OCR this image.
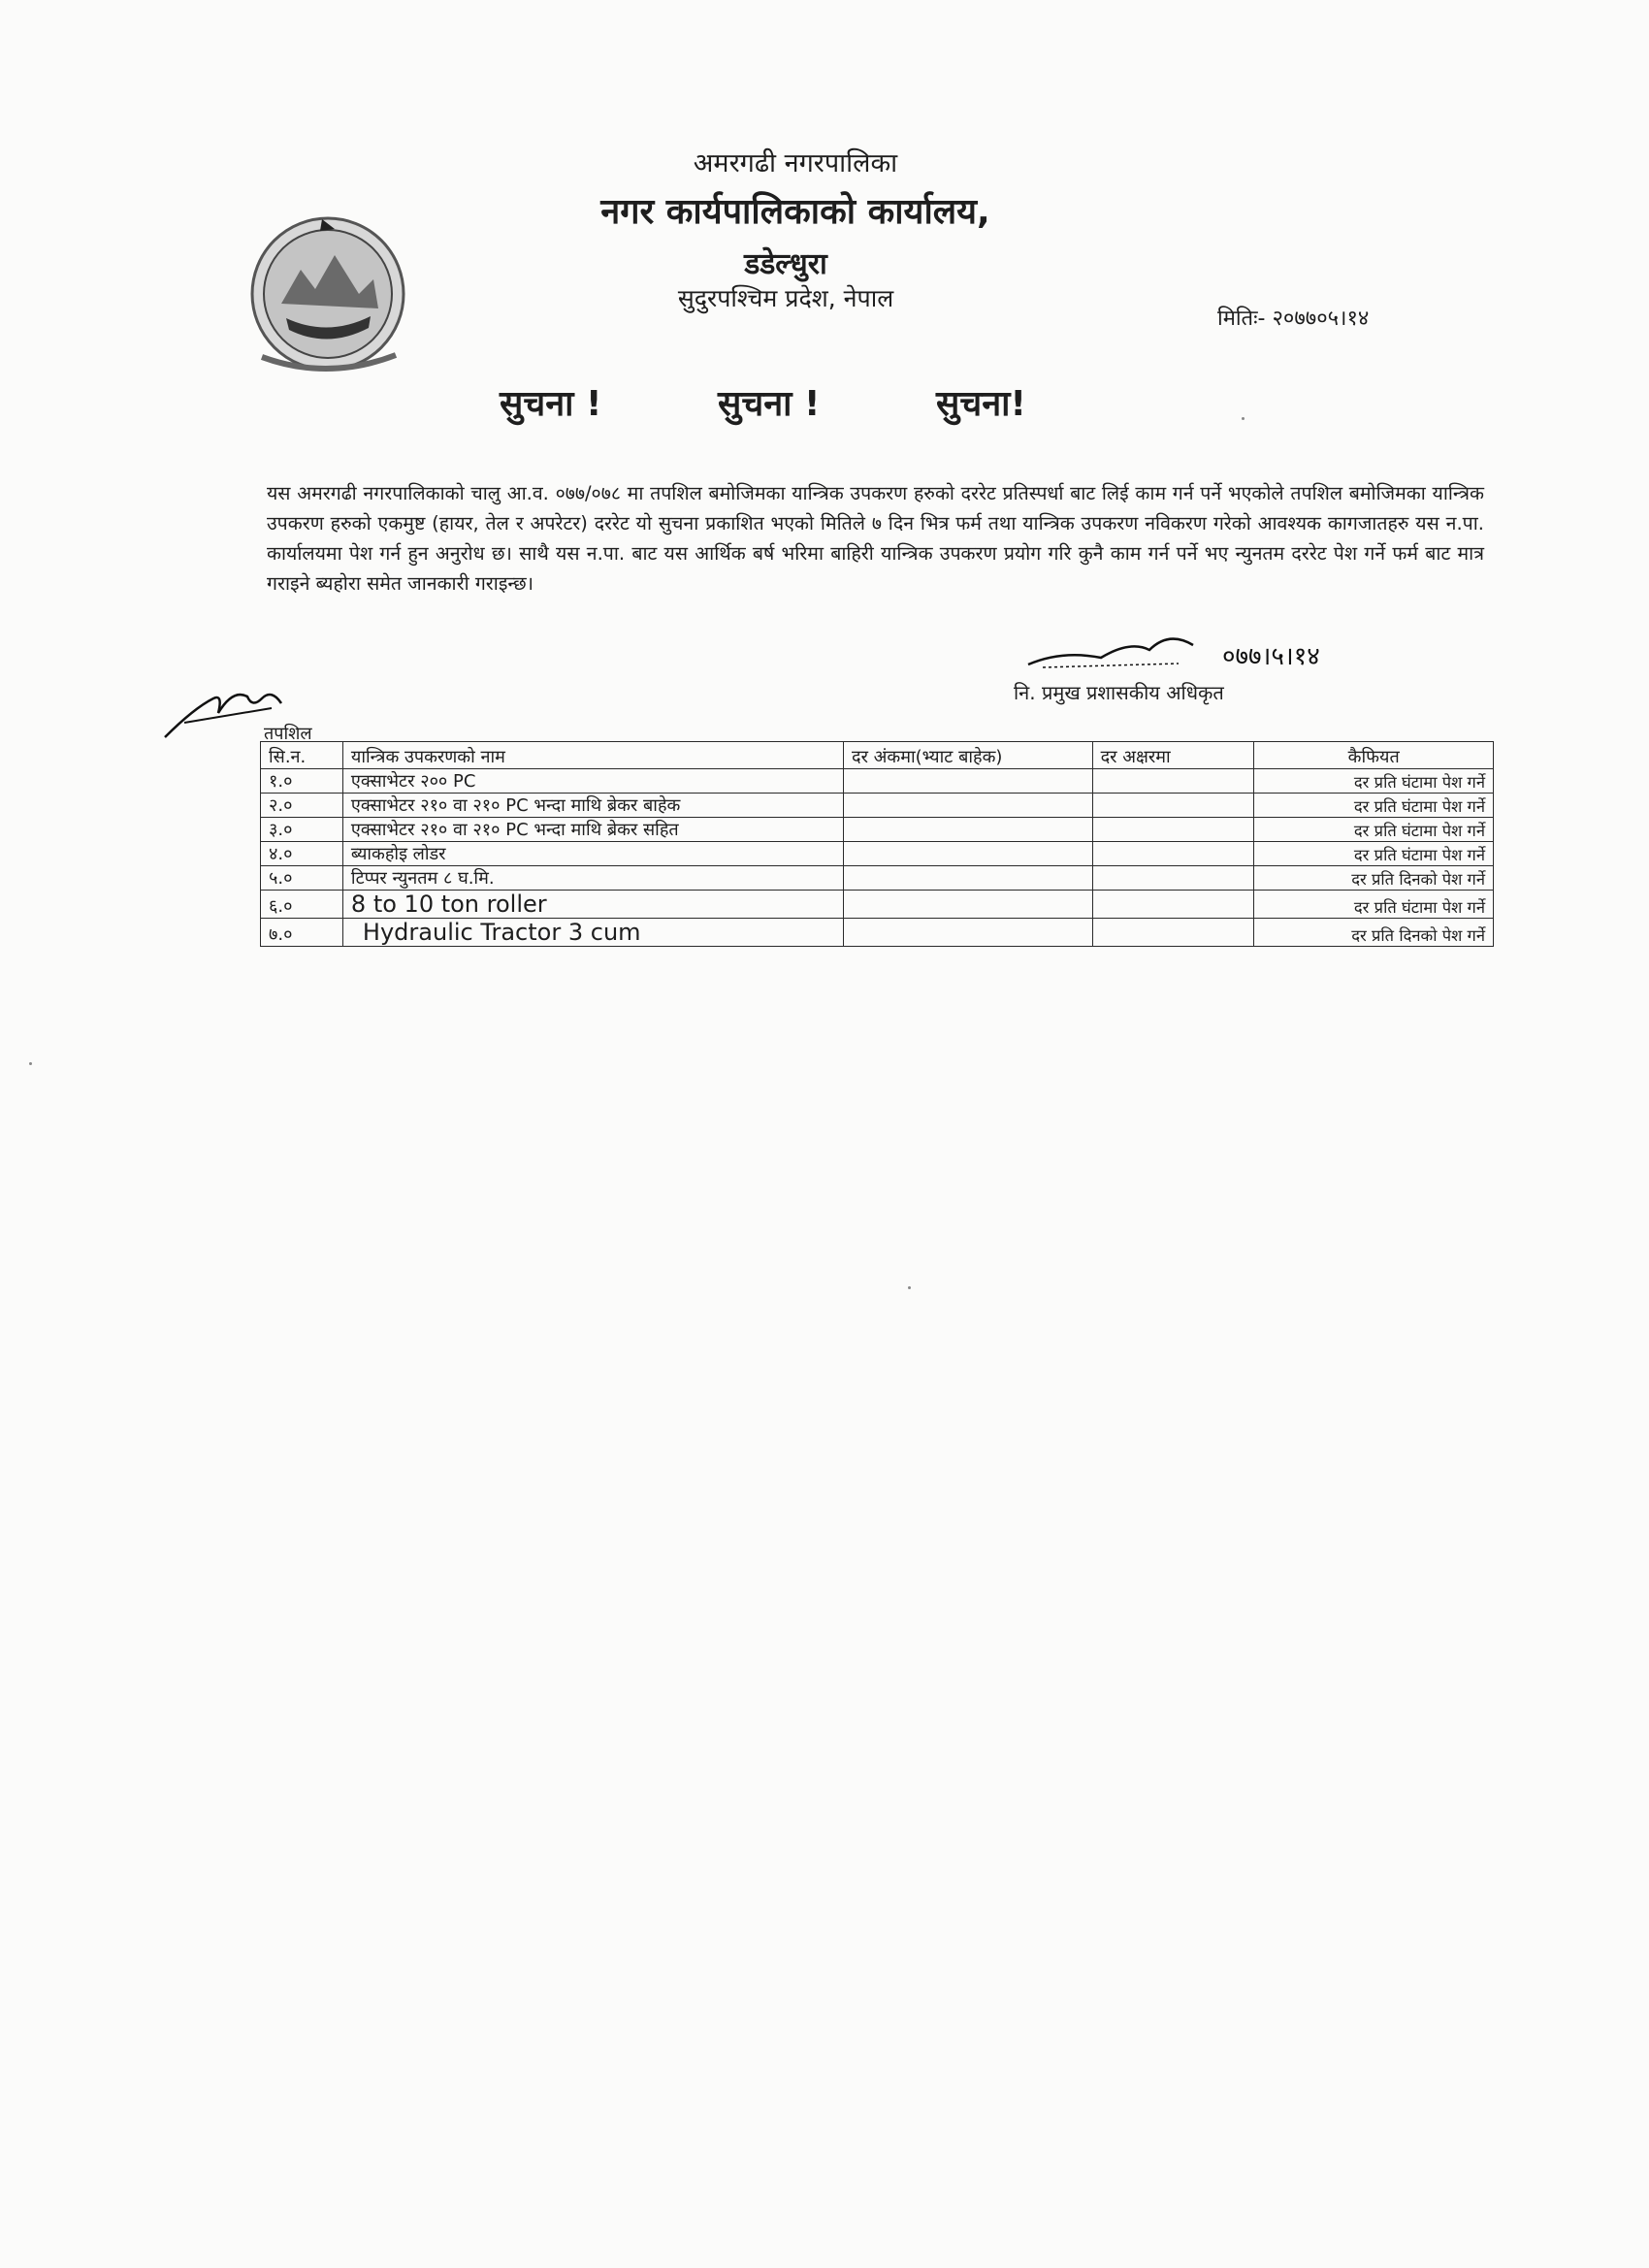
अमरगढी नगरपालिका
नगर कार्यपालिकाको कार्यालय,
डडेल्धुरा
सुदुरपश्चिम प्रदेश, नेपाल
मितिः- २०७७०५।१४
सुचना !	सुचना !	सुचना!
यस अमरगढी नगरपालिकाको चालु आ.व. ०७७/०७८ मा तपशिल बमोजिमका यान्त्रिक उपकरण हरुको दररेट प्रतिस्पर्धा बाट लिई काम गर्न पर्ने भएकोले तपशिल बमोजिमका यान्त्रिक उपकरण हरुको एकमुष्ट (हायर, तेल र अपरेटर) दररेट यो सुचना प्रकाशित भएको मितिले ७ दिन भित्र फर्म तथा यान्त्रिक उपकरण नविकरण गरेको आवश्यक कागजातहरु यस न.पा. कार्यालयमा पेश गर्न हुन अनुरोध छ। साथै यस न.पा. बाट यस आर्थिक बर्ष भरिमा बाहिरी यान्त्रिक उपकरण प्रयोग गरि कुनै काम गर्न पर्ने भए न्युनतम दररेट पेश गर्ने फर्म बाट मात्र गराइने ब्यहोरा समेत जानकारी गराइन्छ।
०७७।५।१४
नि. प्रमुख प्रशासकीय अधिकृत
तपशिल
सि.न.	यान्त्रिक उपकरणको नाम	दर अंकमा(भ्याट बाहेक)	दर अक्षरमा	कैफियत
१.०	एक्साभेटर २०० PC			दर प्रति घंटामा पेश गर्ने
२.०	एक्साभेटर २१० वा २१० PC भन्दा माथि ब्रेकर बाहेक			दर प्रति घंटामा पेश गर्ने
३.०	एक्साभेटर २१० वा २१० PC भन्दा माथि ब्रेकर सहित			दर प्रति घंटामा पेश गर्ने
४.०	ब्याकहोइ लोडर			दर प्रति घंटामा पेश गर्ने
५.०	टिप्पर न्युनतम ८ घ.मि.			दर प्रति दिनको पेश गर्ने
६.०	8 to 10 ton roller			दर प्रति घंटामा पेश गर्ने
७.०	Hydraulic Tractor 3 cum			दर प्रति दिनको पेश गर्ने
